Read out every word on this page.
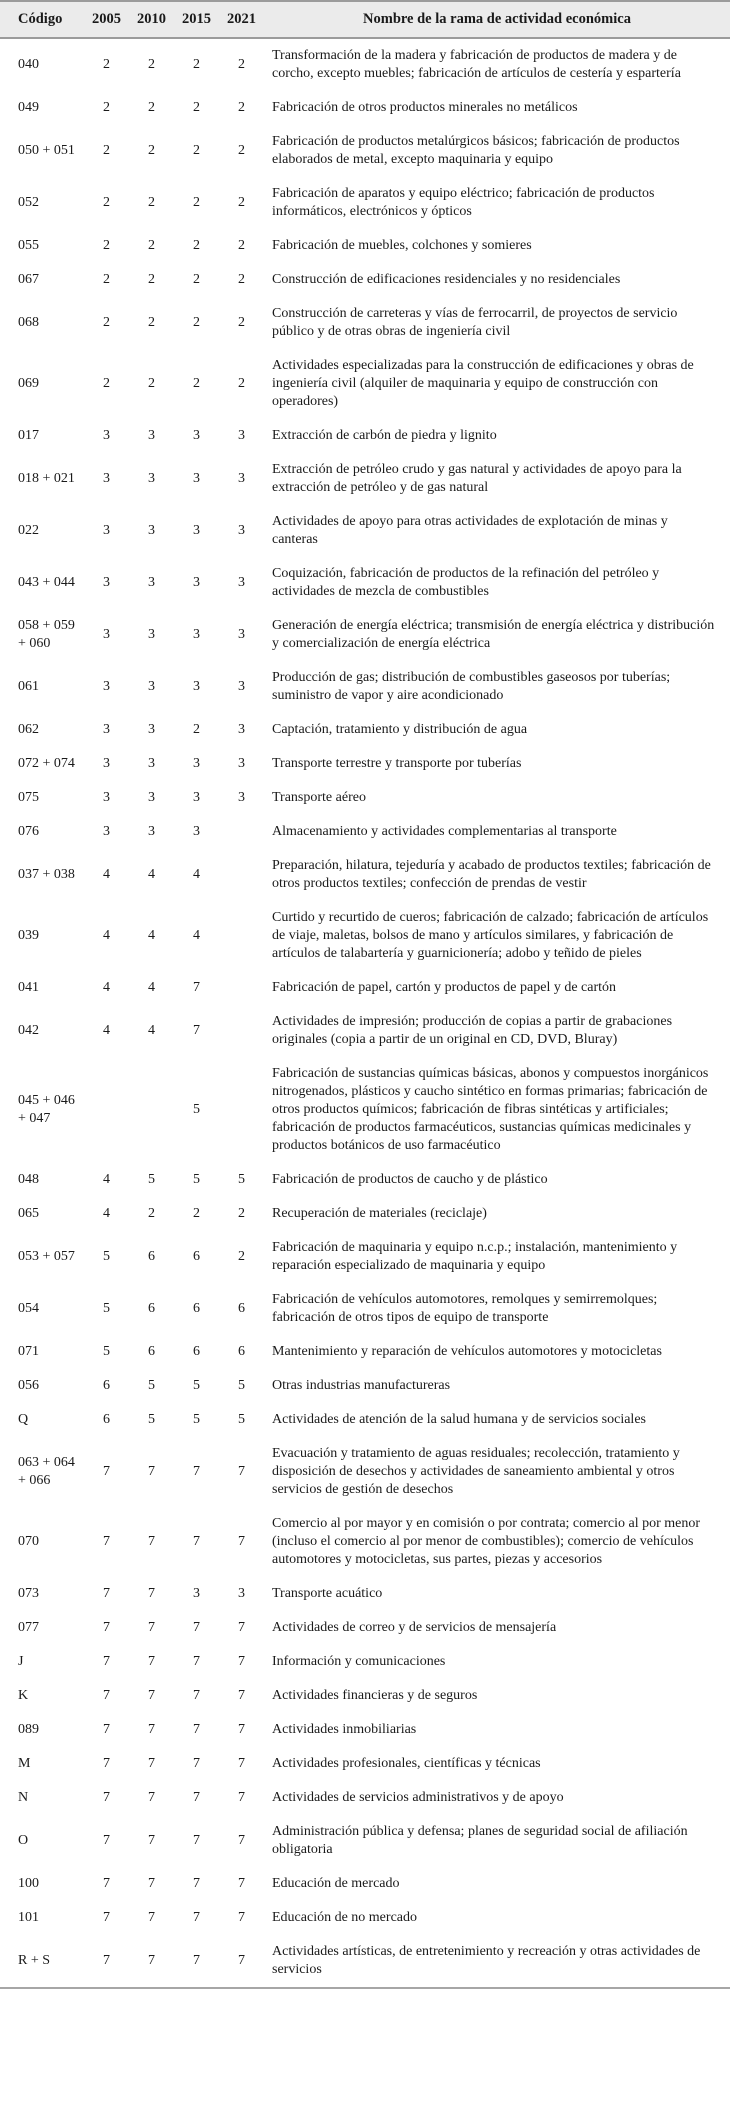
Código	2005	2010	2015	2021	Nombre de la rama de actividad económica
040	2	2	2	2	Transformación de la madera y fabricación de productos de madera y de corcho, excepto muebles; fabricación de artículos de cestería y espartería
049	2	2	2	2	Fabricación de otros productos minerales no metálicos
050 + 051	2	2	2	2	Fabricación de productos metalúrgicos básicos; fabricación de productos elaborados de metal, excepto maquinaria y equipo
052	2	2	2	2	Fabricación de aparatos y equipo eléctrico; fabricación de productos informáticos, electrónicos y ópticos
055	2	2	2	2	Fabricación de muebles, colchones y somieres
067	2	2	2	2	Construcción de edificaciones residenciales y no residenciales
068	2	2	2	2	Construcción de carreteras y vías de ferrocarril, de proyectos de servicio público y de otras obras de ingeniería civil
069	2	2	2	2	Actividades especializadas para la construcción de edificaciones y obras de ingeniería civil (alquiler de maquinaria y equipo de construcción con operadores)
017	3	3	3	3	Extracción de carbón de piedra y lignito
018 + 021	3	3	3	3	Extracción de petróleo crudo y gas natural y actividades de apoyo para la extracción de petróleo y de gas natural
022	3	3	3	3	Actividades de apoyo para otras actividades de explotación de minas y canteras
043 + 044	3	3	3	3	Coquización, fabricación de productos de la refinación del petróleo y actividades de mezcla de combustibles
058 + 059 + 060	3	3	3	3	Generación de energía eléctrica; transmisión de energía eléctrica y distribución y comercialización de energía eléctrica
061	3	3	3	3	Producción de gas; distribución de combustibles gaseosos por tuberías; suministro de vapor y aire acondicionado
062	3	3	2	3	Captación, tratamiento y distribución de agua
072 + 074	3	3	3	3	Transporte terrestre y transporte por tuberías
075	3	3	3	3	Transporte aéreo
076	3	3	3		Almacenamiento y actividades complementarias al transporte
037 + 038	4	4	4		Preparación, hilatura, tejeduría y acabado de productos textiles; fabricación de otros productos textiles; confección de prendas de vestir
039	4	4	4		Curtido y recurtido de cueros; fabricación de calzado; fabricación de artículos de viaje, maletas, bolsos de mano y artículos similares, y fabricación de artículos de talabartería y guarnicionería; adobo y teñido de pieles
041	4	4	7		Fabricación de papel, cartón y productos de papel y de cartón
042	4	4	7		Actividades de impresión; producción de copias a partir de grabaciones originales (copia a partir de un original en CD, DVD, Bluray)
045 + 046 + 047			5		Fabricación de sustancias químicas básicas, abonos y compuestos inorgánicos nitrogenados, plásticos y caucho sintético en formas primarias; fabricación de otros productos químicos; fabricación de fibras sintéticas y artificiales; fabricación de productos farmacéuticos, sustancias químicas medicinales y productos botánicos de uso farmacéutico
048	4	5	5	5	Fabricación de productos de caucho y de plástico
065	4	2	2	2	Recuperación de materiales (reciclaje)
053 + 057	5	6	6	2	Fabricación de maquinaria y equipo n.c.p.; instalación, mantenimiento y reparación especializado de maquinaria y equipo
054	5	6	6	6	Fabricación de vehículos automotores, remolques y semirremolques; fabricación de otros tipos de equipo de transporte
071	5	6	6	6	Mantenimiento y reparación de vehículos automotores y motocicletas
056	6	5	5	5	Otras industrias manufactureras
Q	6	5	5	5	Actividades de atención de la salud humana y de servicios sociales
063 + 064 + 066	7	7	7	7	Evacuación y tratamiento de aguas residuales; recolección, tratamiento y disposición de desechos y actividades de saneamiento ambiental y otros servicios de gestión de desechos
070	7	7	7	7	Comercio al por mayor y en comisión o por contrata; comercio al por menor (incluso el comercio al por menor de combustibles); comercio de vehículos automotores y motocicletas, sus partes, piezas y accesorios
073	7	7	3	3	Transporte acuático
077	7	7	7	7	Actividades de correo y de servicios de mensajería
J	7	7	7	7	Información y comunicaciones
K	7	7	7	7	Actividades financieras y de seguros
089	7	7	7	7	Actividades inmobiliarias
M	7	7	7	7	Actividades profesionales, científicas y técnicas
N	7	7	7	7	Actividades de servicios administrativos y de apoyo
O	7	7	7	7	Administración pública y defensa; planes de seguridad social de afiliación obligatoria
100	7	7	7	7	Educación de mercado
101	7	7	7	7	Educación de no mercado
R + S	7	7	7	7	Actividades artísticas, de entretenimiento y recreación y otras actividades de servicios
